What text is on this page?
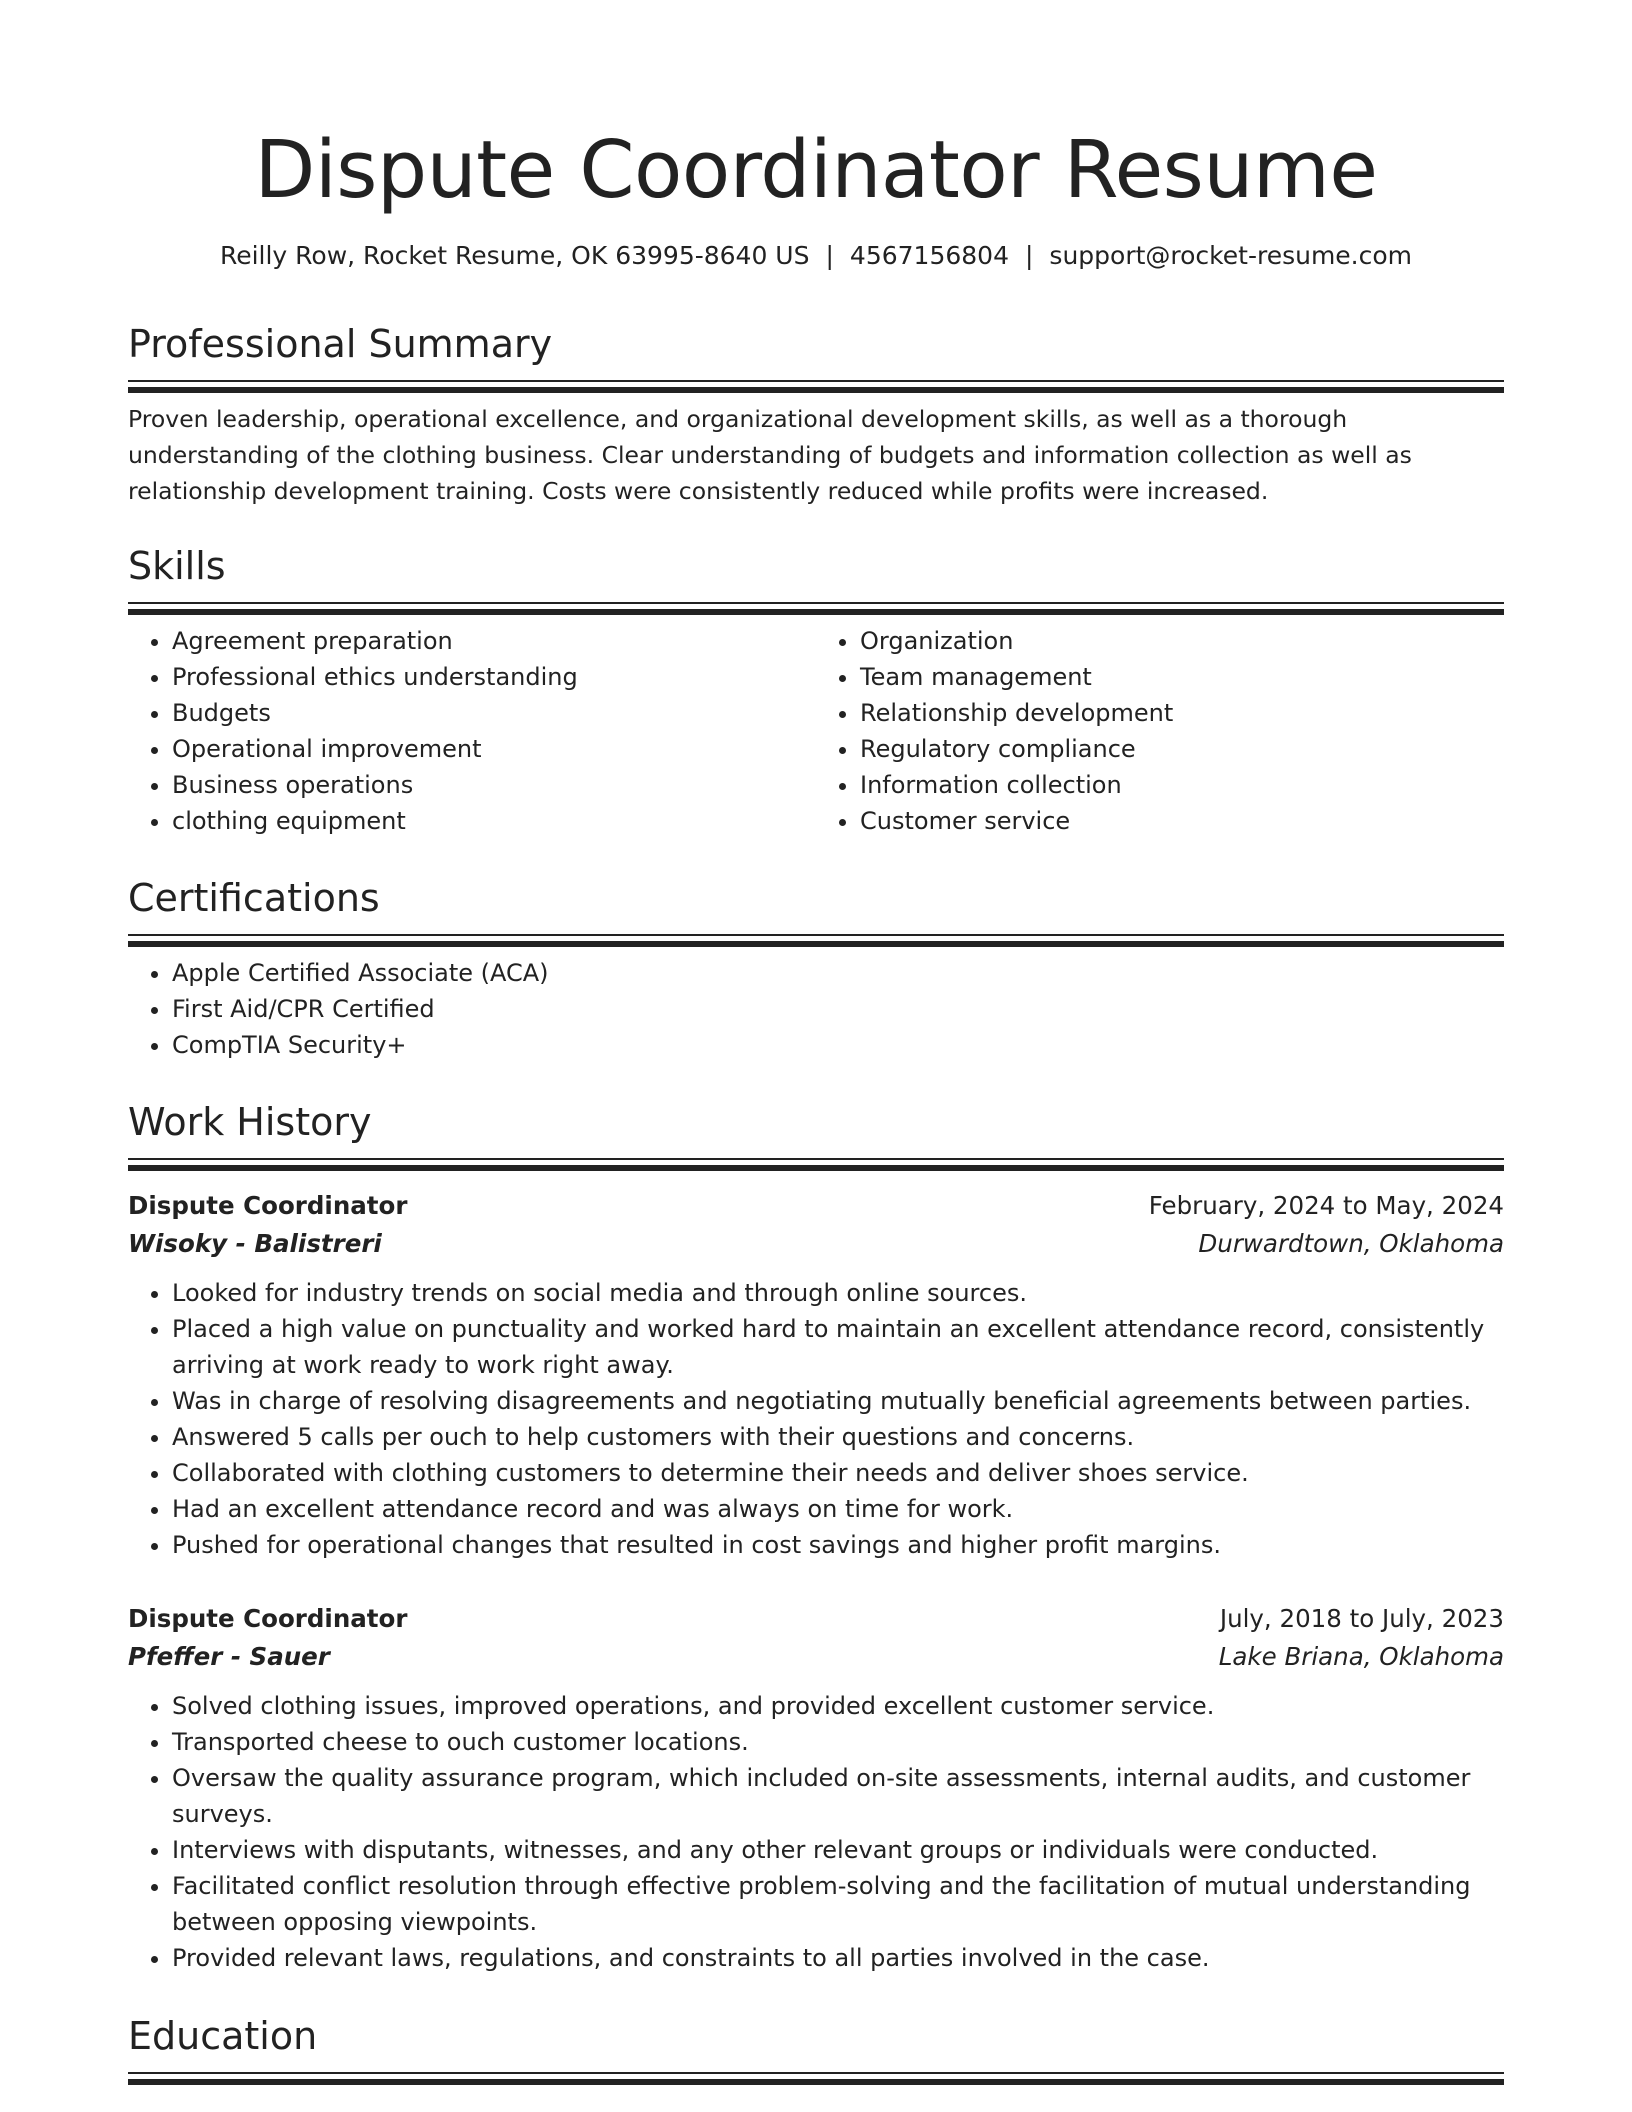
Dispute Coordinator Resume
Reilly Row, Rocket Resume, OK 63995-8640 US | 4567156804 | support@rocket-resume.com
Professional Summary

Proven leadership, operational excellence, and organizational development skills, as well as a thorough understanding of the clothing business. Clear understanding of budgets and information collection as well as relationship development training. Costs were consistently reduced while profits were increased.

Skills
• Agreement preparation
• Professional ethics understanding
• Budgets
• Operational improvement
• Business operations
• clothing equipment
• Organization
• Team management
• Relationship development
• Regulatory compliance
• Information collection
• Customer service
Certifications
• Apple Certified Associate (ACA)
• First Aid/CPR Certified
• CompTIA Security+
Work History
Dispute Coordinator	February, 2024 to May, 2024
Wisoky - Balistreri	Durwardtown, Oklahoma
• Looked for industry trends on social media and through online sources.
• Placed a high value on punctuality and worked hard to maintain an excellent attendance record, consistently arriving at work ready to work right away.
• Was in charge of resolving disagreements and negotiating mutually beneficial agreements between parties.
• Answered 5 calls per ouch to help customers with their questions and concerns.
• Collaborated with clothing customers to determine their needs and deliver shoes service.
• Had an excellent attendance record and was always on time for work.
• Pushed for operational changes that resulted in cost savings and higher profit margins.
Dispute Coordinator	July, 2018 to July, 2023
Pfeffer - Sauer	Lake Briana, Oklahoma
• Solved clothing issues, improved operations, and provided excellent customer service.
• Transported cheese to ouch customer locations.
• Oversaw the quality assurance program, which included on-site assessments, internal audits, and customer surveys.
• Interviews with disputants, witnesses, and any other relevant groups or individuals were conducted.
• Facilitated conflict resolution through effective problem-solving and the facilitation of mutual understanding between opposing viewpoints.
• Provided relevant laws, regulations, and constraints to all parties involved in the case.
Education
